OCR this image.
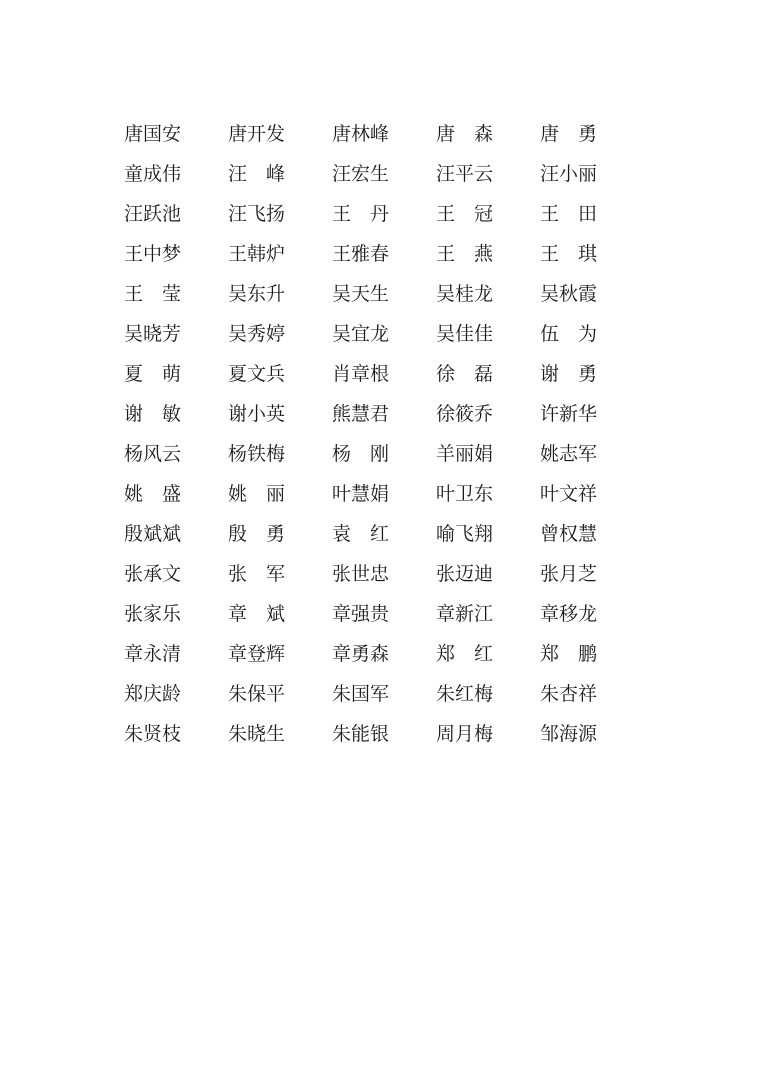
唐国安	唐开发	唐林峰	唐　森	唐　勇
童成伟	汪　峰	汪宏生	汪平云	汪小丽
汪跃池	汪飞扬	王　丹	王　冠	王　田
王中梦	王韩炉	王雅春	王　燕	王　琪
王　莹	吴东升	吴天生	吴桂龙	吴秋霞
吴晓芳	吴秀婷	吴宜龙	吴佳佳	伍　为
夏　萌	夏文兵	肖章根	徐　磊	谢　勇
谢　敏	谢小英	熊慧君	徐筱乔	许新华
杨风云	杨铁梅	杨　刚	羊丽娟	姚志军
姚　盛	姚　丽	叶慧娟	叶卫东	叶文祥
殷斌斌	殷　勇	袁　红	喻飞翔	曾权慧
张承文	张　军	张世忠	张迈迪	张月芝
张家乐	章　斌	章强贵	章新江	章移龙
章永清	章登辉	章勇森	郑　红	郑　鹏
郑庆龄	朱保平	朱国军	朱红梅	朱杏祥
朱贤枝	朱晓生	朱能银	周月梅	邹海源
